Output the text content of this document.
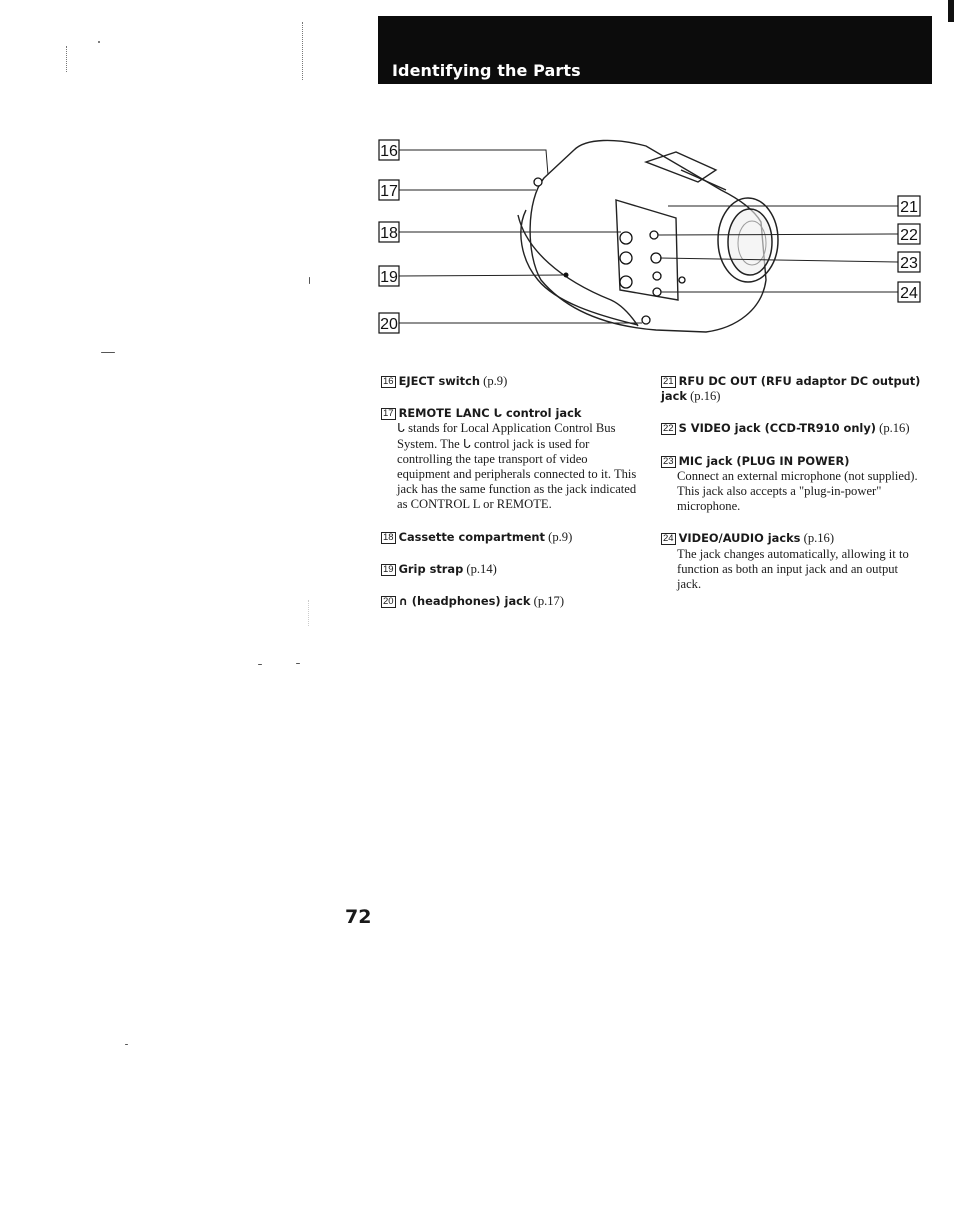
Identifying the Parts
16
17
18
19
20
21
22
23
24
16 EJECT switch (p.9)
17 REMOTE LANC ᒐ control jack
ᒐ stands for Local Application Control Bus System. The ᒐ control jack is used for controlling the tape transport of video equipment and peripherals connected to it. This jack has the same function as the jack indicated as CONTROL L or REMOTE.
18 Cassette compartment (p.9)
19 Grip strap (p.14)
20 ∩ (headphones) jack (p.17)
21 RFU DC OUT (RFU adaptor DC output) jack (p.16)
22 S VIDEO jack (CCD-TR910 only) (p.16)
23 MIC jack (PLUG IN POWER)
Connect an external microphone (not supplied). This jack also accepts a "plug-in-power" microphone.
24 VIDEO/AUDIO jacks (p.16)
The jack changes automatically, allowing it to function as both an input jack and an output jack.
72
